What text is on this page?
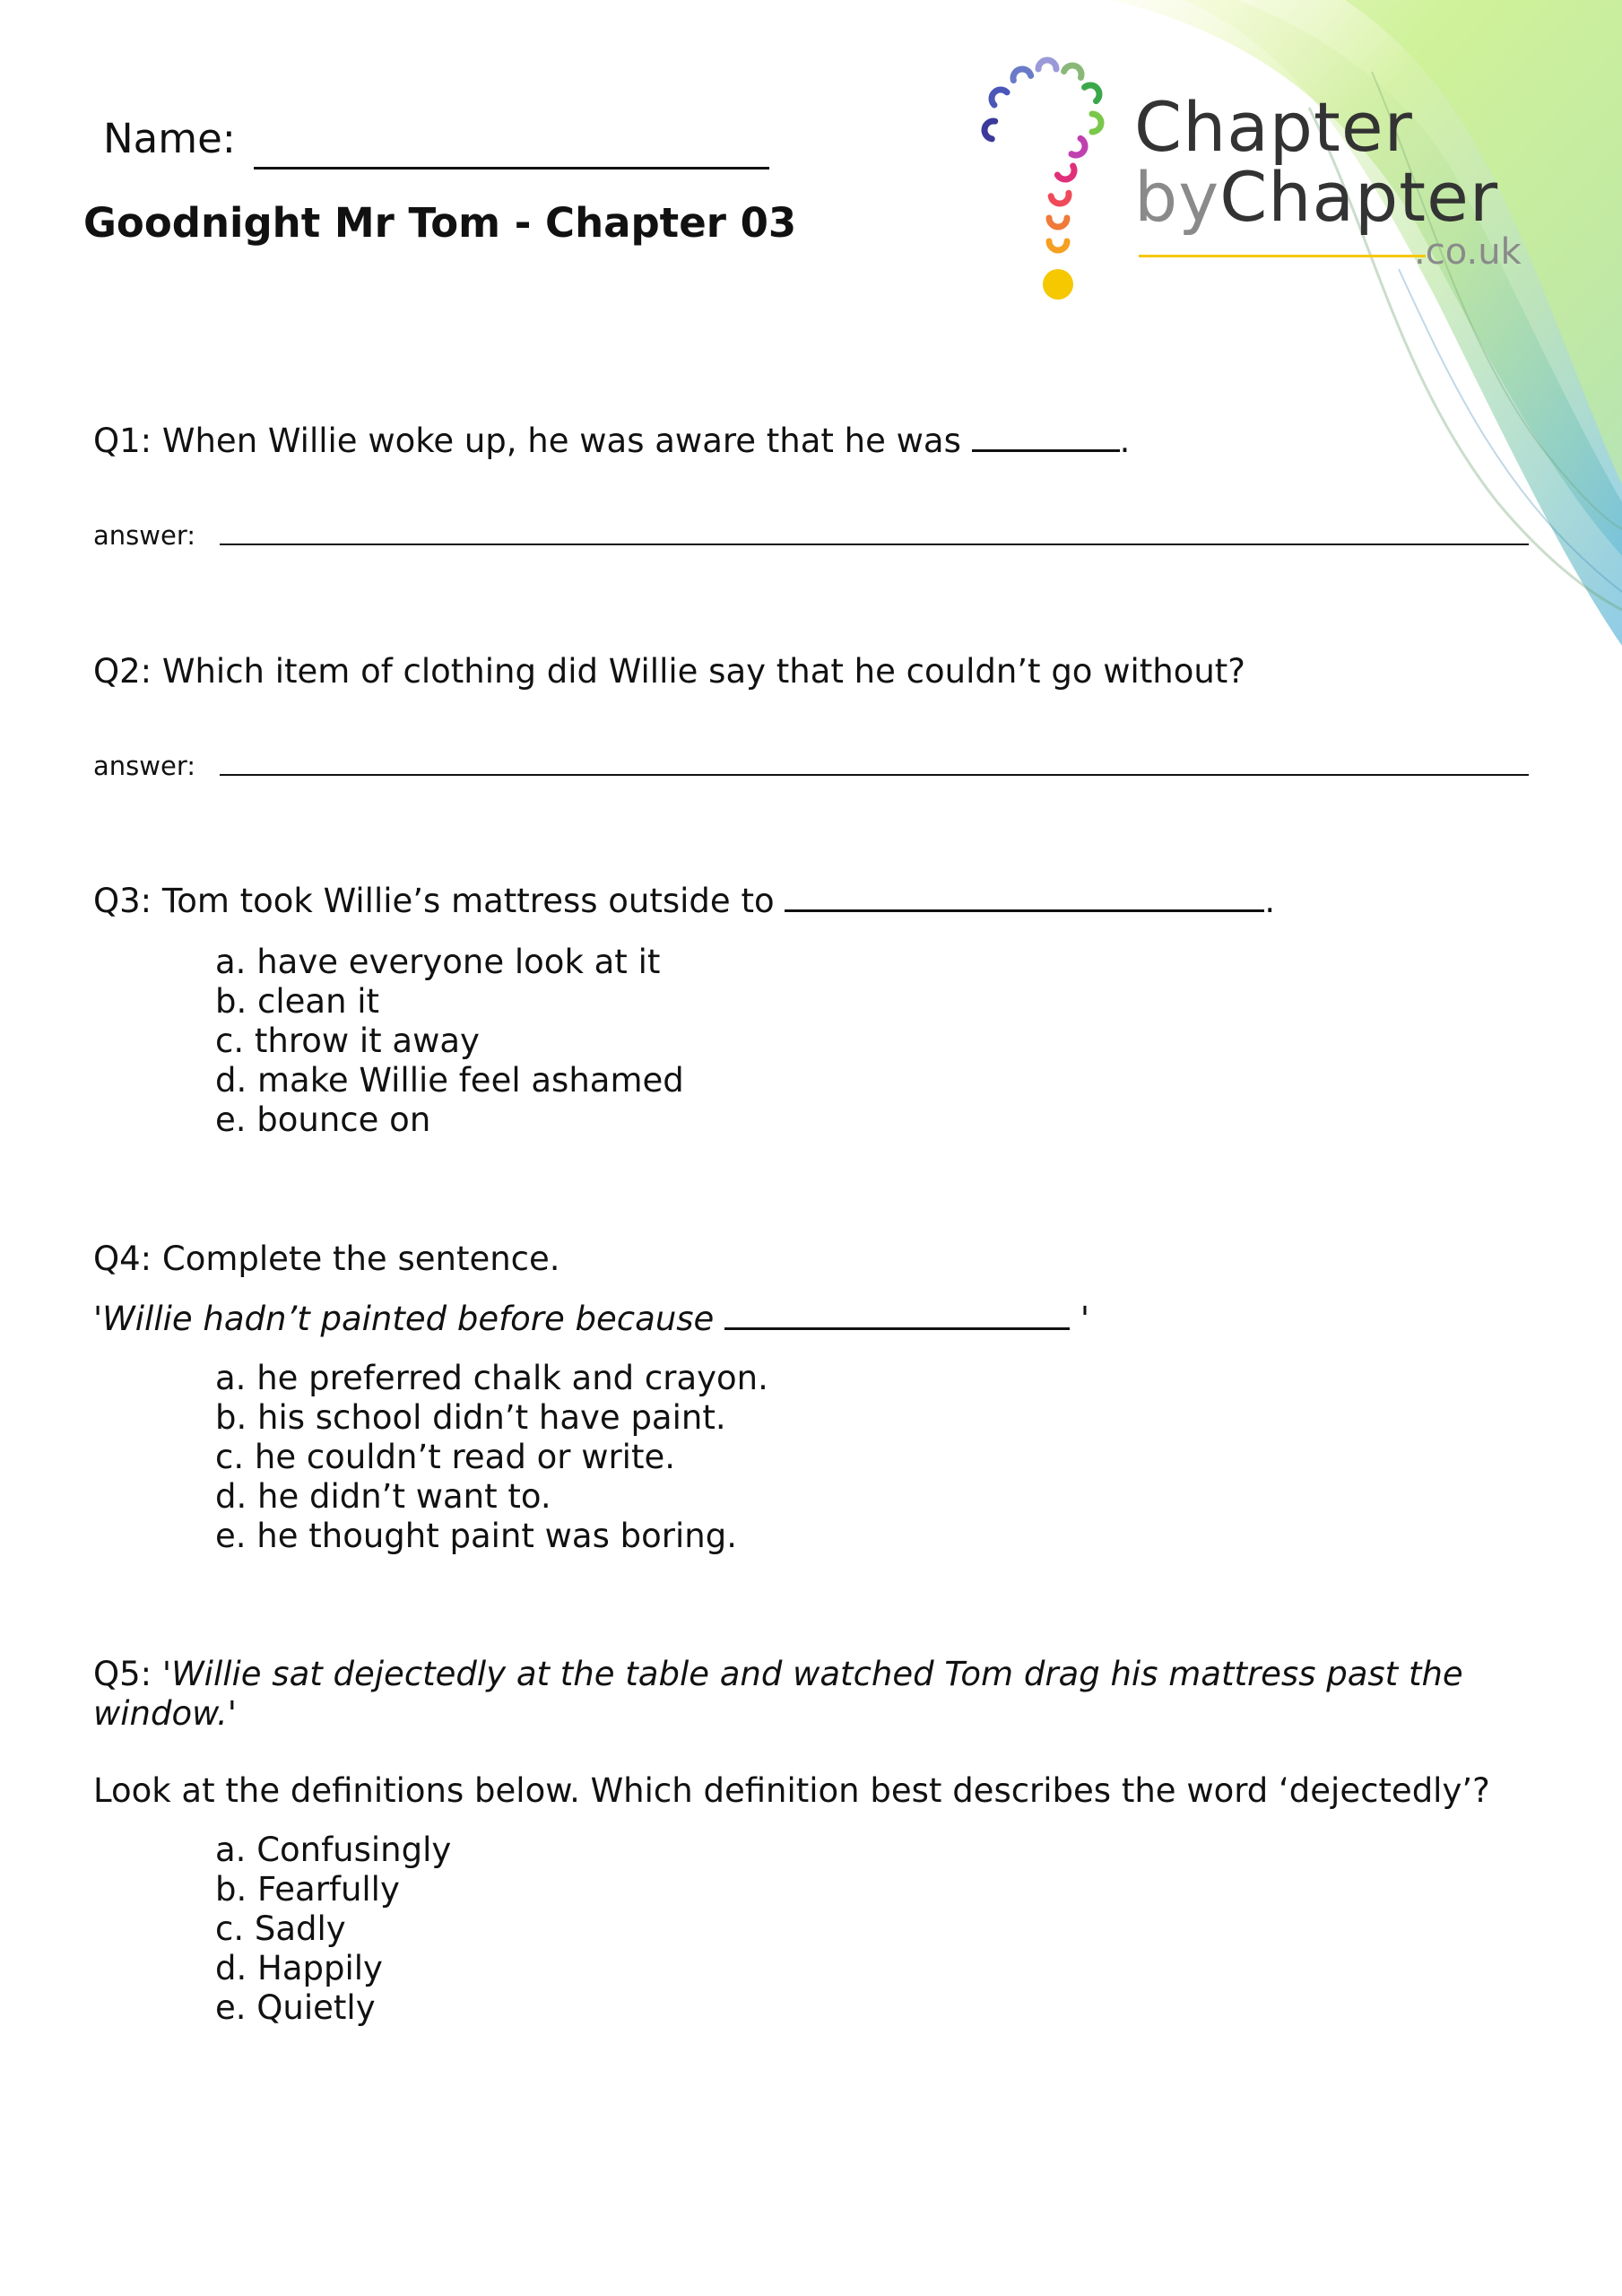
Chapter
byChapter
.co.uk
Name:
Goodnight Mr Tom - Chapter 03
Q1: When Willie woke up, he was aware that he was	.
answer:
Q2: Which item of clothing did Willie say that he couldn’t go without?
answer:
Q3: Tom took Willie’s mattress outside to	.
a. have everyone look at it
b. clean it
c. throw it away
d. make Willie feel ashamed
e. bounce on
Q4: Complete the sentence.
'Willie hadn’t painted before because	'
a. he preferred chalk and crayon.
b. his school didn’t have paint.
c. he couldn’t read or write.
d. he didn’t want to.
e. he thought paint was boring.
Q5: 'Willie sat dejectedly at the table and watched Tom drag his mattress past the
window.'
Look at the definitions below. Which definition best describes the word ‘dejectedly’?
a. Confusingly
b. Fearfully
c. Sadly
d. Happily
e. Quietly
